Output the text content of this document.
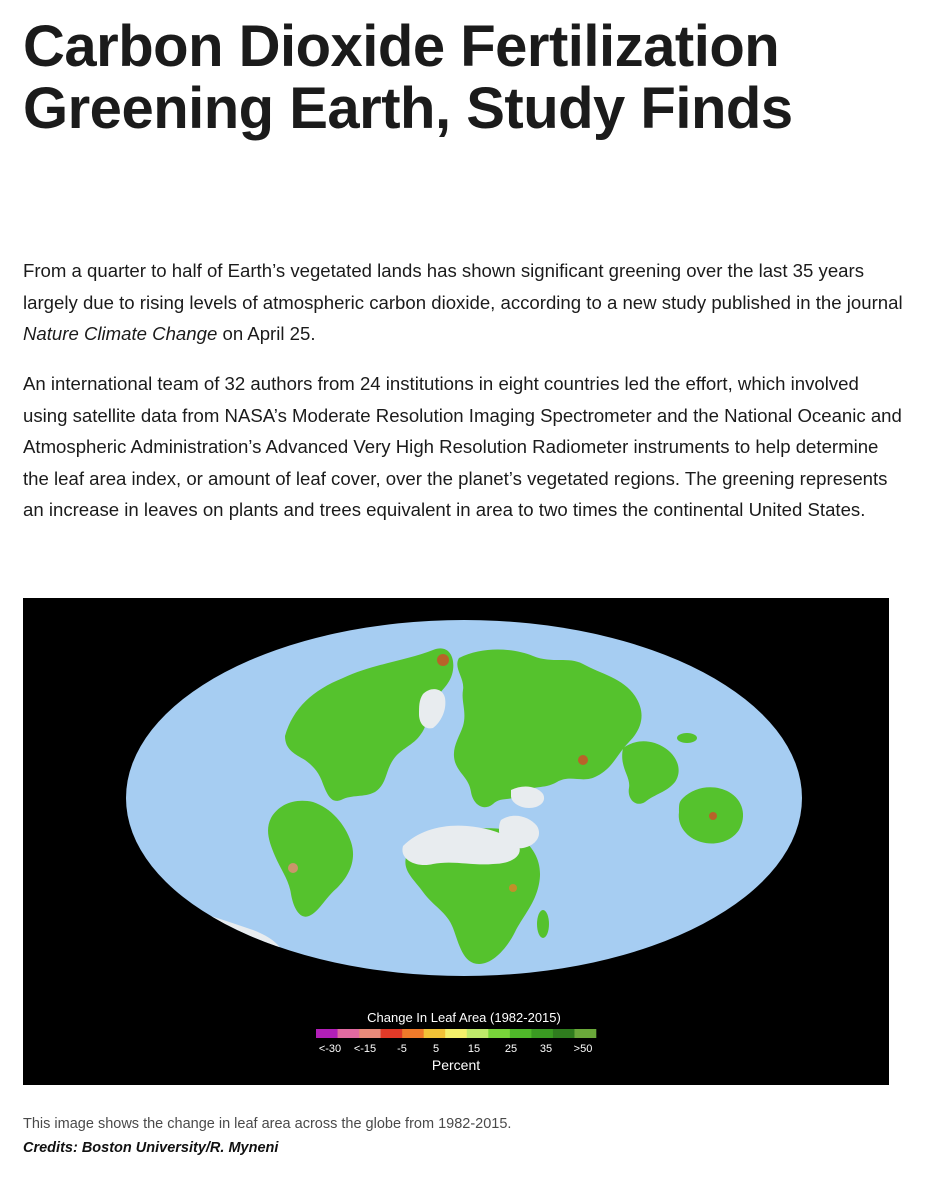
Carbon Dioxide Fertilization
Greening Earth, Study Finds

From a quarter to half of Earth’s vegetated lands has shown significant greening over the last 35 years largely due to rising levels of atmospheric carbon dioxide, according to a new study published in the journal Nature Climate Change on April 25.

An international team of 32 authors from 24 institutions in eight countries led the effort, which involved using satellite data from NASA’s Moderate Resolution Imaging Spectrometer and the National Oceanic and Atmospheric Administration’s Advanced Very High Resolution Radiometer instruments to help determine the leaf area index, or amount of leaf cover, over the planet’s vegetated regions. The greening represents an increase in leaves on plants and trees equivalent in area to two times the continental United States.

Change In Leaf Area (1982-2015)
<-30 <-15 -5 5	15 25 35 >50
Percent

This image shows the change in leaf area across the globe from 1982-2015.

Credits: Boston University/R. Myneni
